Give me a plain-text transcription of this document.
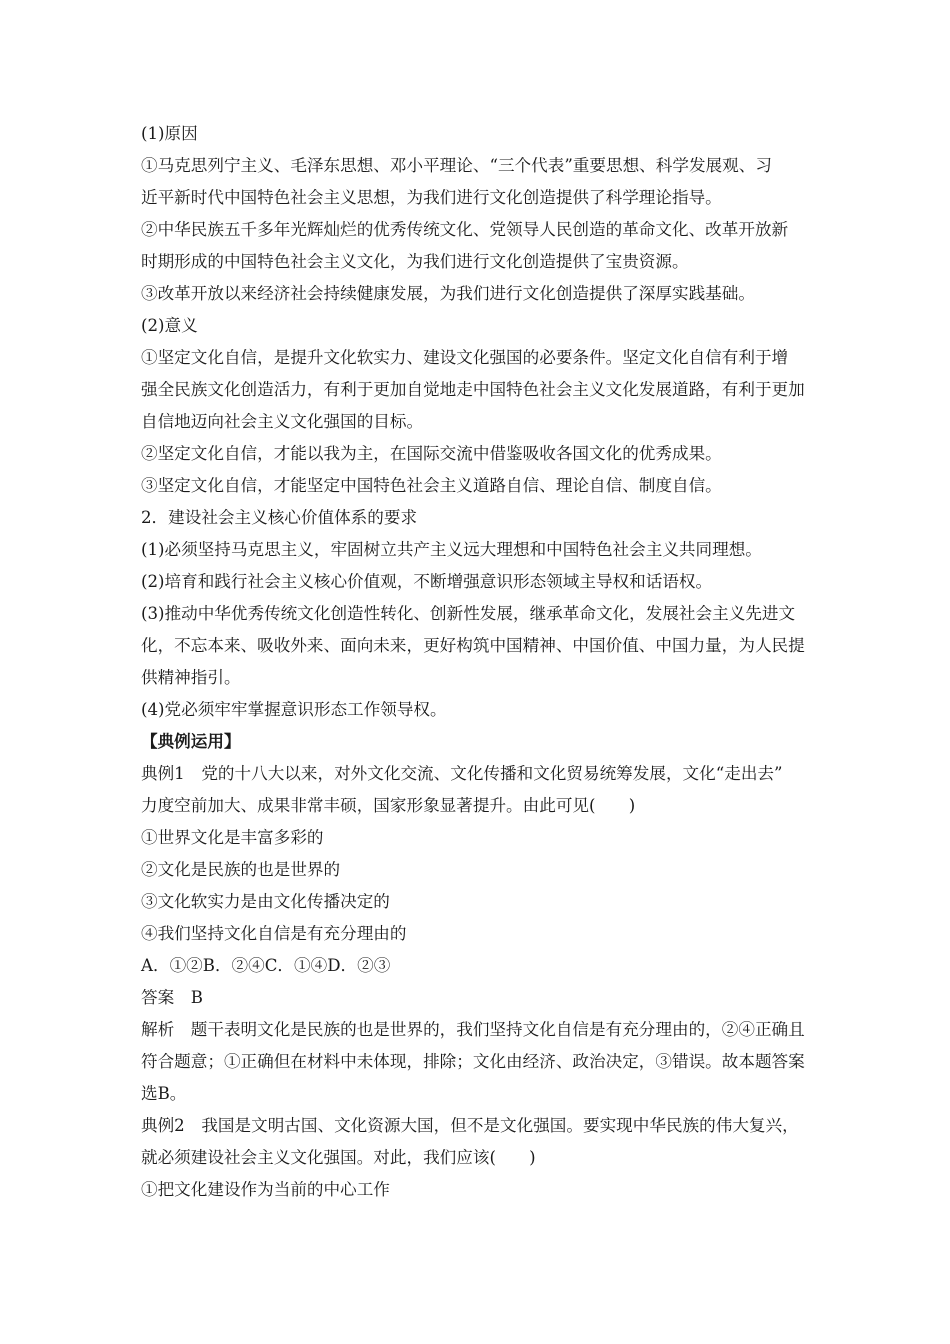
(1)原因
①马克思列宁主义、毛泽东思想、邓小平理论、“三个代表”重要思想、科学发展观、习
近平新时代中国特色社会主义思想，为我们进行文化创造提供了科学理论指导。
②中华民族五千多年光辉灿烂的优秀传统文化、党领导人民创造的革命文化、改革开放新
时期形成的中国特色社会主义文化，为我们进行文化创造提供了宝贵资源。
③改革开放以来经济社会持续健康发展，为我们进行文化创造提供了深厚实践基础。
(2)意义
①坚定文化自信，是提升文化软实力、建设文化强国的必要条件。坚定文化自信有利于增
强全民族文化创造活力，有利于更加自觉地走中国特色社会主义文化发展道路，有利于更加
自信地迈向社会主义文化强国的目标。
②坚定文化自信，才能以我为主，在国际交流中借鉴吸收各国文化的优秀成果。
③坚定文化自信，才能坚定中国特色社会主义道路自信、理论自信、制度自信。
2．建设社会主义核心价值体系的要求
(1)必须坚持马克思主义，牢固树立共产主义远大理想和中国特色社会主义共同理想。
(2)培育和践行社会主义核心价值观，不断增强意识形态领域主导权和话语权。
(3)推动中华优秀传统文化创造性转化、创新性发展，继承革命文化，发展社会主义先进文
化，不忘本来、吸收外来、面向未来，更好构筑中国精神、中国价值、中国力量，为人民提
供精神指引。
(4)党必须牢牢掌握意识形态工作领导权。
【典例运用】
典例1　党的十八大以来，对外文化交流、文化传播和文化贸易统筹发展，文化“走出去”
力度空前加大、成果非常丰硕，国家形象显著提升。由此可见(　　)
①世界文化是丰富多彩的
②文化是民族的也是世界的
③文化软实力是由文化传播决定的
④我们坚持文化自信是有充分理由的
A．①②B．②④C．①④D．②③
答案　B
解析　题干表明文化是民族的也是世界的，我们坚持文化自信是有充分理由的，②④正确且
符合题意；①正确但在材料中未体现，排除；文化由经济、政治决定，③错误。故本题答案
选B。
典例2　我国是文明古国、文化资源大国，但不是文化强国。要实现中华民族的伟大复兴，
就必须建设社会主义文化强国。对此，我们应该(　　)
①把文化建设作为当前的中心工作
